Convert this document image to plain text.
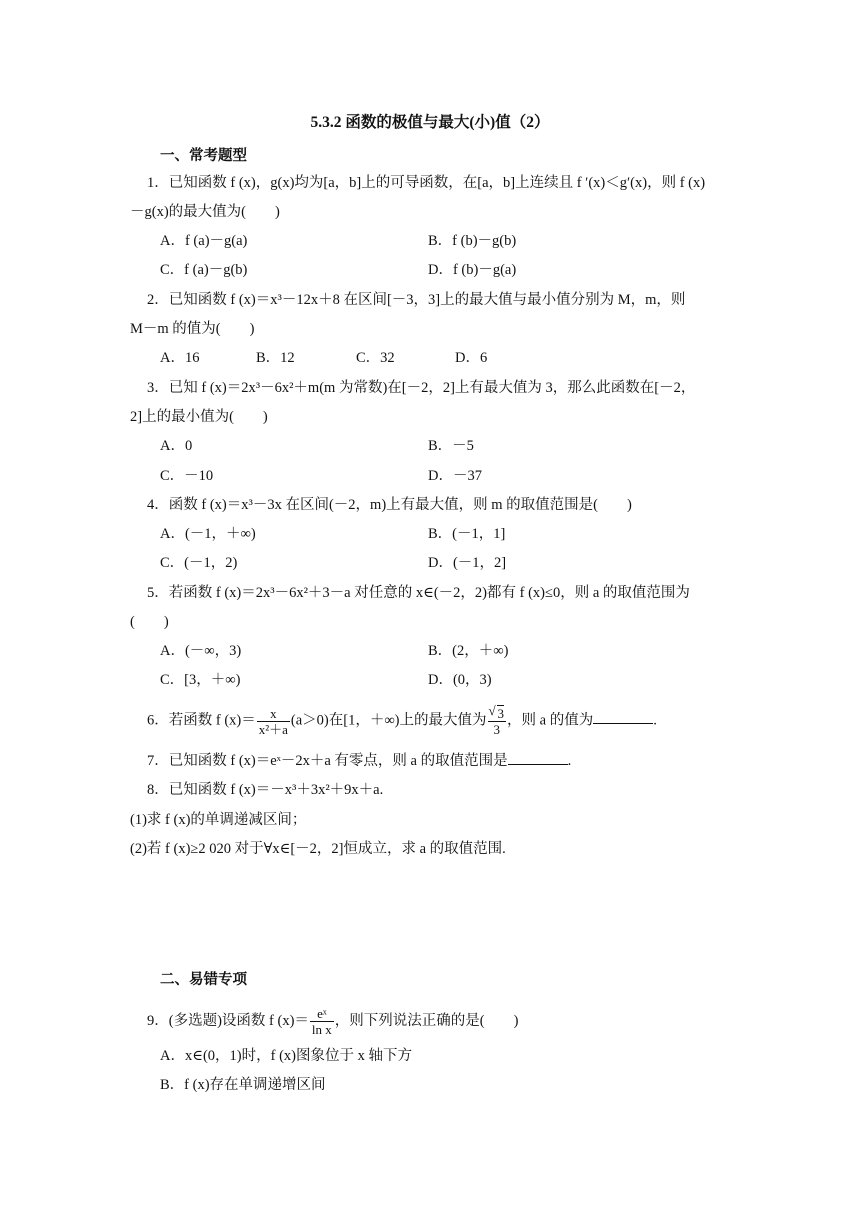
5.3.2 函数的极值与最大(小)值（2）
一、常考题型
1．已知函数 f (x)，g(x)均为[a，b]上的可导函数，在[a，b]上连续且 f ′(x)＜g′(x)，则 f (x)
－g(x)的最大值为(　　)
A．f (a)－g(a)	B．f (b)－g(b)
C．f (a)－g(b)	D．f (b)－g(a)
2．已知函数 f (x)＝x³－12x＋8 在区间[－3，3]上的最大值与最小值分别为 M，m，则
M－m 的值为(　　)
A．16	B．12	C．32	D．6
3．已知 f (x)＝2x³－6x²＋m(m 为常数)在[－2，2]上有最大值为 3，那么此函数在[－2，
2]上的最小值为(　　)
A．0	B．－5
C．－10	D．－37
4．函数 f (x)＝x³－3x 在区间(－2，m)上有最大值，则 m 的取值范围是(　　)
A．(－1，＋∞)	B．(－1，1]
C．(－1，2)	D．(－1，2]
5．若函数 f (x)＝2x³－6x²＋3－a 对任意的 x∈(－2，2)都有 f (x)≤0，则 a 的取值范围为
(　　)
A．(－∞，3)	B．(2，＋∞)
C．[3，＋∞)	D．(0，3)
6．若函数 f $(x)= \frac{x}{\text{x²＋a}} (a>0)$在[1，＋∞)上的最大值为
√ $\frac{3}{3}$ ，则 a 的值为	.
7．已知函数 f (x)＝eˣ－2x＋a 有零点，则 a 的取值范围是	.
8．已知函数 f (x)＝－x³＋3x²＋9x＋a.
(1)求 f (x)的单调递减区间；
(2)若 f (x)≥2 020 对于∀x∈[－2，2]恒成立，求 a 的取值范围.
二、易错专项
9．(多选题)设函数 f $(x)= \frac{\text{eˣ}}{\text{ln x}}$ ，则下列说法正确的是(　　)
A．x∈(0，1)时，f (x)图象位于 x 轴下方
B．f (x)存在单调递增区间
